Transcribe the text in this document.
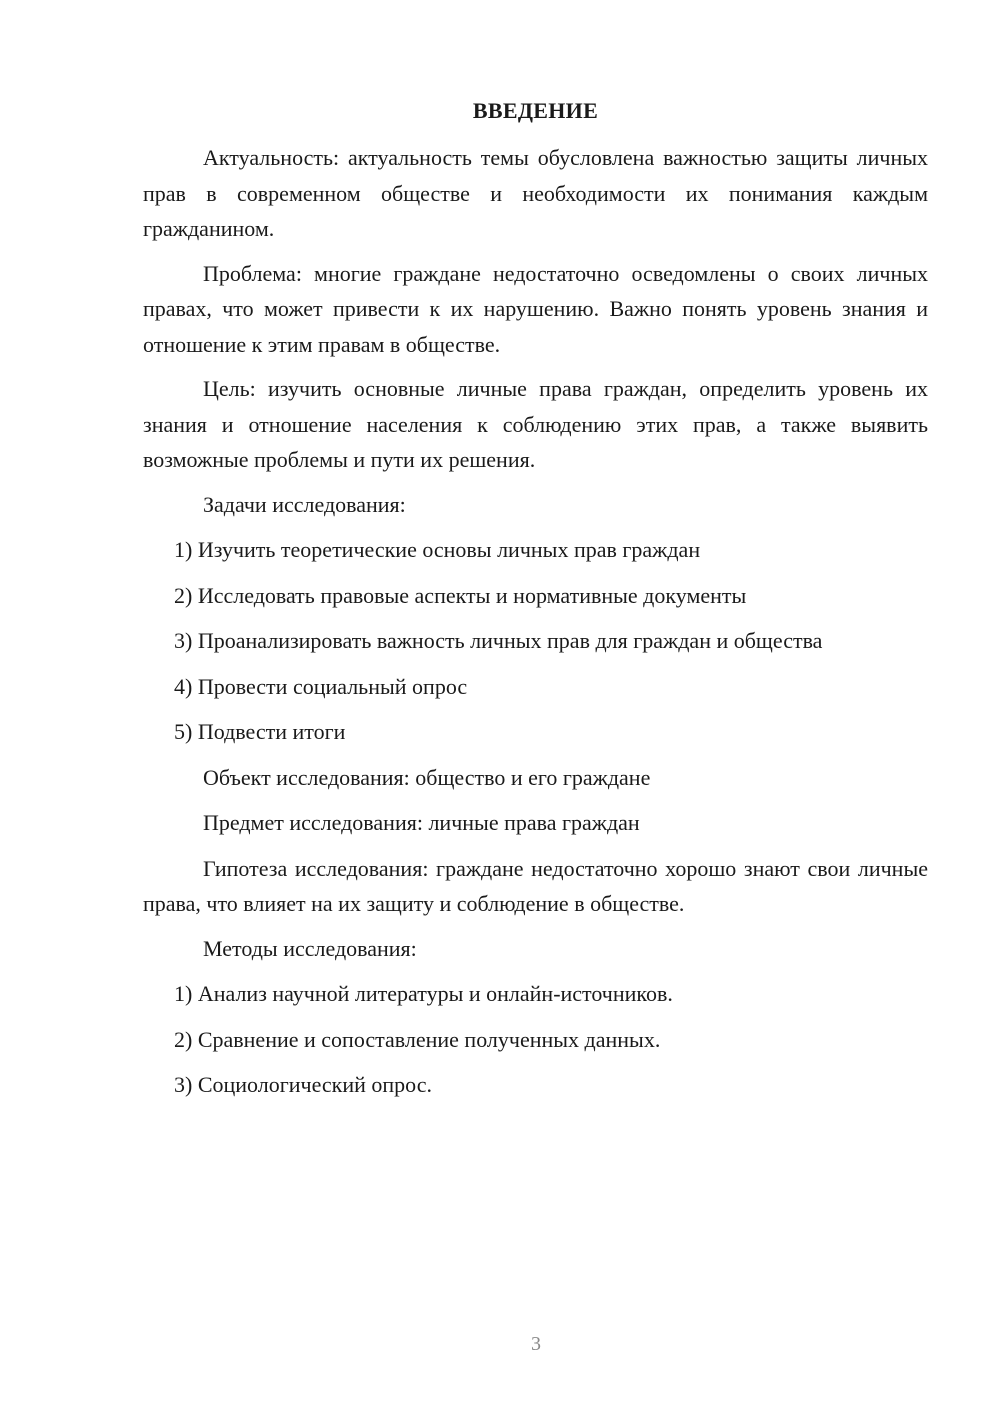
ВВЕДЕНИЕ

Актуальность: актуальность темы обусловлена важностью защиты личных прав в современном обществе и необходимости их понимания каждым гражданином.

Проблема: многие граждане недостаточно осведомлены о своих личных правах, что может привести к их нарушению. Важно понять уровень знания и отношение к этим правам в обществе.

Цель: изучить основные личные права граждан, определить уровень их знания и отношение населения к соблюдению этих прав, а также выявить возможные проблемы и пути их решения.

Задачи исследования:

1) Изучить теоретические основы личных прав граждан

2) Исследовать правовые аспекты и нормативные документы

3) Проанализировать важность личных прав для граждан и общества

4) Провести социальный опрос

5) Подвести итоги

Объект исследования: общество и его граждане

Предмет исследования: личные права граждан

Гипотеза исследования: граждане недостаточно хорошо знают свои личные права, что влияет на их защиту и соблюдение в обществе.

Методы исследования:

1) Анализ научной литературы и онлайн-источников.

2) Сравнение и сопоставление полученных данных.

3) Социологический опрос.

3
